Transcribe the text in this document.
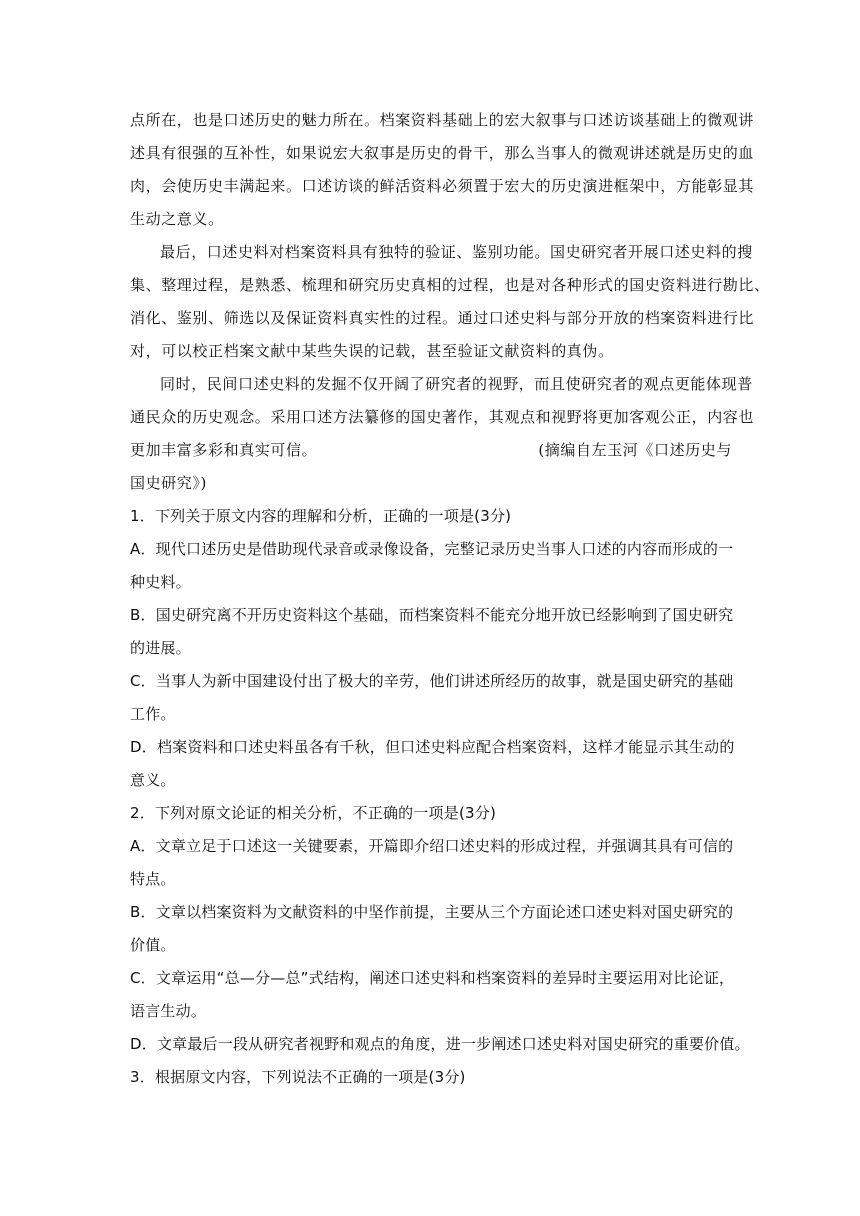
点所在，也是口述历史的魅力所在。档案资料基础上的宏大叙事与口述访谈基础上的微观讲
述具有很强的互补性，如果说宏大叙事是历史的骨干，那么当事人的微观讲述就是历史的血
肉，会使历史丰满起来。口述访谈的鲜活资料必须置于宏大的历史演进框架中，方能彰显其
生动之意义。
最后，口述史料对档案资料具有独特的验证、鉴别功能。国史研究者开展口述史料的搜
集、整理过程，是熟悉、梳理和研究历史真相的过程，也是对各种形式的国史资料进行勘比、
消化、鉴别、筛选以及保证资料真实性的过程。通过口述史料与部分开放的档案资料进行比
对，可以校正档案文献中某些失误的记载，甚至验证文献资料的真伪。
同时，民间口述史料的发掘不仅开阔了研究者的视野，而且使研究者的观点更能体现普
通民众的历史观念。采用口述方法纂修的国史著作，其观点和视野将更加客观公正，内容也
更加丰富多彩和真实可信。	(摘编自左玉河《口述历史与
国史研究》)
1．下列关于原文内容的理解和分析，正确的一项是(3分)
A．现代口述历史是借助现代录音或录像设备，完整记录历史当事人口述的内容而形成的一
种史料。
B．国史研究离不开历史资料这个基础，而档案资料不能充分地开放已经影响到了国史研究
的进展。
C．当事人为新中国建设付出了极大的辛劳，他们讲述所经历的故事，就是国史研究的基础
工作。
D．档案资料和口述史料虽各有千秋，但口述史料应配合档案资料，这样才能显示其生动的
意义。
2．下列对原文论证的相关分析，不正确的一项是(3分)
A．文章立足于口述这一关键要素，开篇即介绍口述史料的形成过程，并强调其具有可信的
特点。
B．文章以档案资料为文献资料的中坚作前提，主要从三个方面论述口述史料对国史研究的
价值。
C．文章运用“总—分—总”式结构，阐述口述史料和档案资料的差异时主要运用对比论证，
语言生动。
D．文章最后一段从研究者视野和观点的角度，进一步阐述口述史料对国史研究的重要价值。
3．根据原文内容，下列说法不正确的一项是(3分)
